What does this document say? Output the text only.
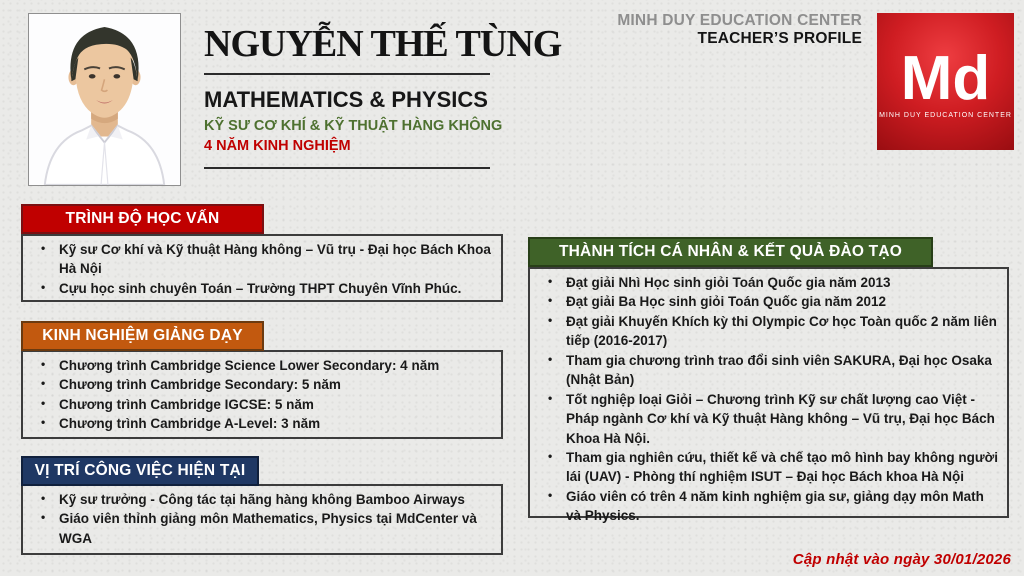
NGUYỄN THẾ TÙNG
MATHEMATICS & PHYSICS
KỸ SƯ CƠ KHÍ & KỸ THUẬT HÀNG KHÔNG
4 NĂM KINH NGHIỆM
MINH DUY EDUCATION CENTER
TEACHER’S PROFILE
Md
MINH DUY EDUCATION CENTER
TRÌNH ĐỘ HỌC VẤN
• Kỹ sư Cơ khí và Kỹ thuật Hàng không – Vũ trụ - Đại học Bách Khoa Hà Nội
• Cựu học sinh chuyên Toán – Trường THPT Chuyên Vĩnh Phúc.
KINH NGHIỆM GIẢNG DẠY
• Chương trình Cambridge Science Lower Secondary: 4 năm
• Chương trình Cambridge Secondary: 5 năm
• Chương trình Cambridge IGCSE: 5 năm
• Chương trình Cambridge A-Level: 3 năm
VỊ TRÍ CÔNG VIỆC HIỆN TẠI
• Kỹ sư trưởng - Công tác tại hãng hàng không Bamboo Airways
• Giáo viên thỉnh giảng môn Mathematics, Physics tại MdCenter và WGA
THÀNH TÍCH CÁ NHÂN & KẾT QUẢ ĐÀO TẠO
• Đạt giải Nhì Học sinh giỏi Toán Quốc gia năm 2013
• Đạt giải Ba Học sinh giỏi Toán Quốc gia năm 2012
• Đạt giải Khuyến Khích kỳ thi Olympic Cơ học Toàn quốc 2 năm liên tiếp (2016-2017)
• Tham gia chương trình trao đổi sinh viên SAKURA, Đại học Osaka (Nhật Bản)
• Tốt nghiệp loại Giỏi – Chương trình Kỹ sư chất lượng cao Việt - Pháp ngành Cơ khí và Kỹ thuật Hàng không – Vũ trụ, Đại học Bách Khoa Hà Nội.
• Tham gia nghiên cứu, thiết kế và chế tạo mô hình bay không người lái (UAV) - Phòng thí nghiệm ISUT – Đại học Bách khoa Hà Nội
• Giáo viên có trên 4 năm kinh nghiệm gia sư, giảng dạy môn Math và Physics.
Cập nhật vào ngày 30/01/2026
